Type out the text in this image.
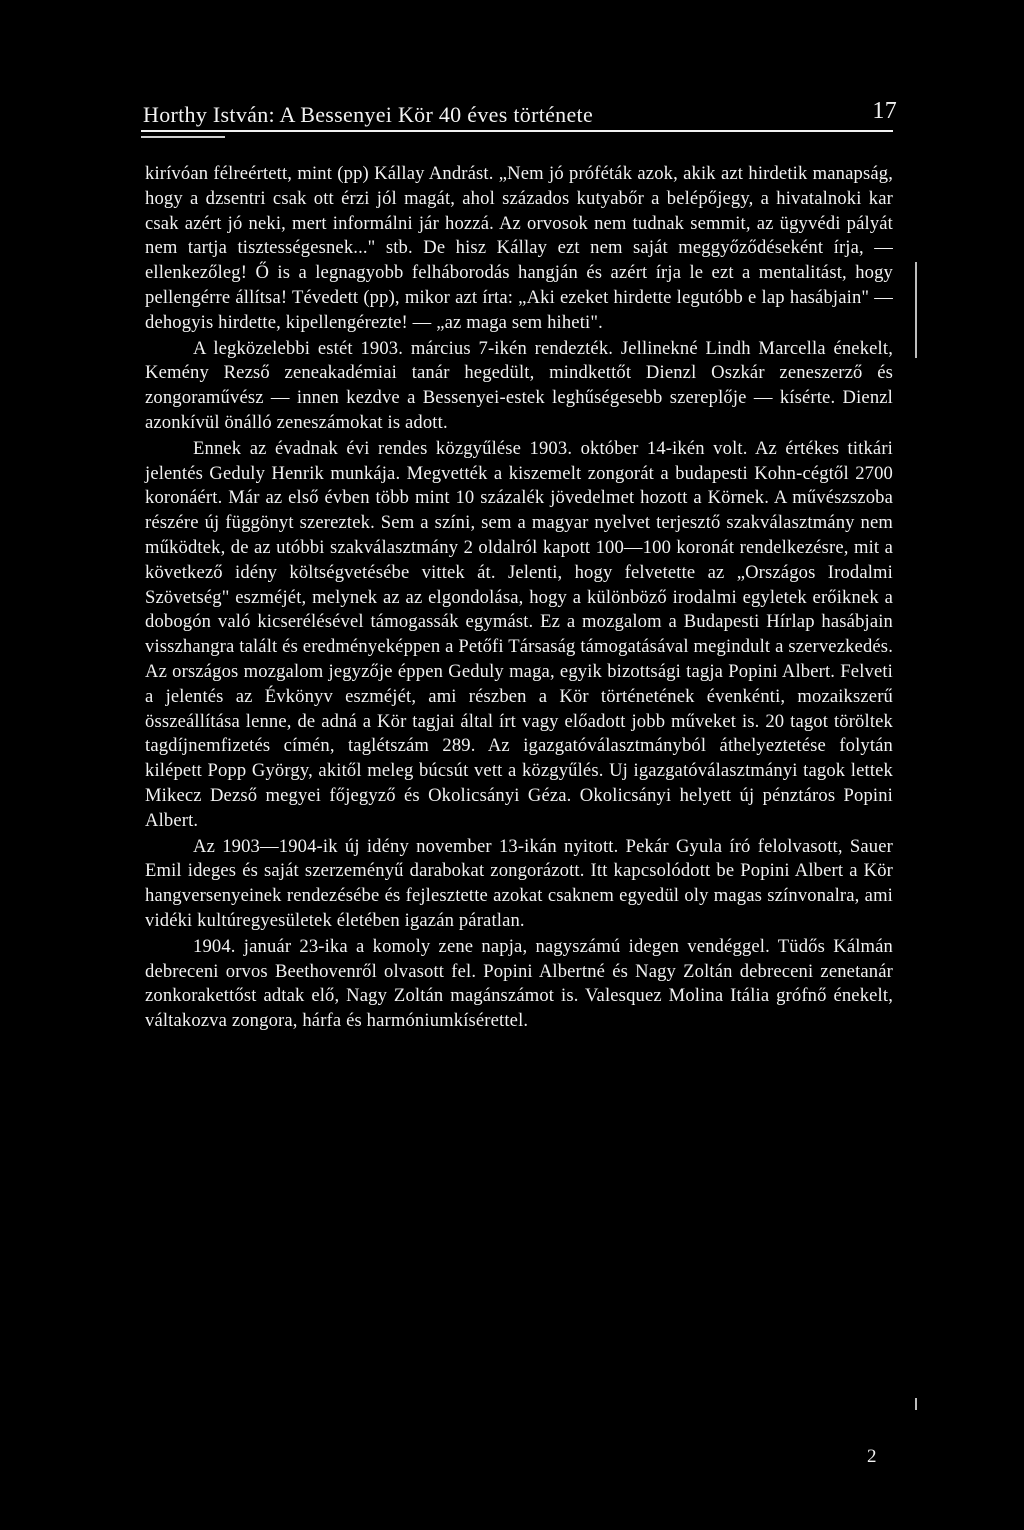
Horthy István: A Bessenyei Kör 40 éves története	17

kirívóan félreértett, mint (pp) Kállay Andrást. „Nem jó próféták azok, akik azt hirdetik manapság, hogy a dzsentri csak ott érzi jól magát, ahol százados kutyabőr a belépőjegy, a hivatalnoki kar csak azért jó neki, mert informálni jár hozzá. Az orvosok nem tudnak semmit, az ügyvédi pályát nem tartja tisztességesnek..." stb. De hisz Kállay ezt nem saját meggyőződéseként írja, — ellenkezőleg! Ő is a legnagyobb felháborodás hangján és azért írja le ezt a mentalitást, hogy pellengérre állítsa! Tévedett (pp), mikor azt írta: „Aki ezeket hirdette legutóbb e lap hasábjain" — dehogyis hirdette, kipellengérezte! — „az maga sem hiheti".

A legközelebbi estét 1903. március 7-ikén rendezték. Jellinekné Lindh Marcella énekelt, Kemény Rezső zeneakadémiai tanár hegedült, mindkettőt Dienzl Oszkár zeneszerző és zongoraművész — innen kezdve a Bessenyei-estek leghűségesebb szereplője — kísérte. Dienzl azonkívül önálló zeneszámokat is adott.

Ennek az évadnak évi rendes közgyűlése 1903. október 14-ikén volt. Az értékes titkári jelentés Geduly Henrik munkája. Megvették a kiszemelt zongorát a budapesti Kohn-cégtől 2700 koronáért. Már az első évben több mint 10 százalék jövedelmet hozott a Körnek. A művészszoba részére új függönyt szereztek. Sem a színi, sem a magyar nyelvet terjesztő szakválasztmány nem működtek, de az utóbbi szakválasztmány 2 oldalról kapott 100—100 koronát rendelkezésre, mit a következő idény költségvetésébe vittek át. Jelenti, hogy felvetette az „Országos Irodalmi Szövetség" eszméjét, melynek az az elgondolása, hogy a különböző irodalmi egyletek erőiknek a dobogón való kicserélésével támogassák egymást. Ez a mozgalom a Budapesti Hírlap hasábjain visszhangra talált és eredményeképpen a Petőfi Társaság támogatásával megindult a szervezkedés. Az országos mozgalom jegyzője éppen Geduly maga, egyik bizottsági tagja Popini Albert. Felveti a jelentés az Évkönyv eszméjét, ami részben a Kör történetének évenkénti, mozaikszerű összeállítása lenne, de adná a Kör tagjai által írt vagy előadott jobb műveket is. 20 tagot töröltek tagdíjnemfizetés címén, taglétszám 289. Az igazgatóválasztmányból áthelyeztetése folytán kilépett Popp György, akitől meleg búcsút vett a közgyűlés. Uj igazgatóválasztmányi tagok lettek Mikecz Dezső megyei főjegyző és Okolicsányi Géza. Okolicsányi helyett új pénztáros Popini Albert.

Az 1903—1904-ik új idény november 13-ikán nyitott. Pekár Gyula író felolvasott, Sauer Emil ideges és saját szerzeményű darabokat zongorázott. Itt kapcsolódott be Popini Albert a Kör hangversenyeinek rendezésébe és fejlesztette azokat csaknem egyedül oly magas színvonalra, ami vidéki kultúregyesületek életében igazán páratlan.

1904. január 23-ika a komoly zene napja, nagyszámú idegen vendéggel. Tüdős Kálmán debreceni orvos Beethovenről olvasott fel. Popini Albertné és Nagy Zoltán debreceni zenetanár zonkorakettőst adtak elő, Nagy Zoltán magánszámot is. Valesquez Molina Itália grófnő énekelt, váltakozva zongora, hárfa és harmóniumkísérettel.

2
